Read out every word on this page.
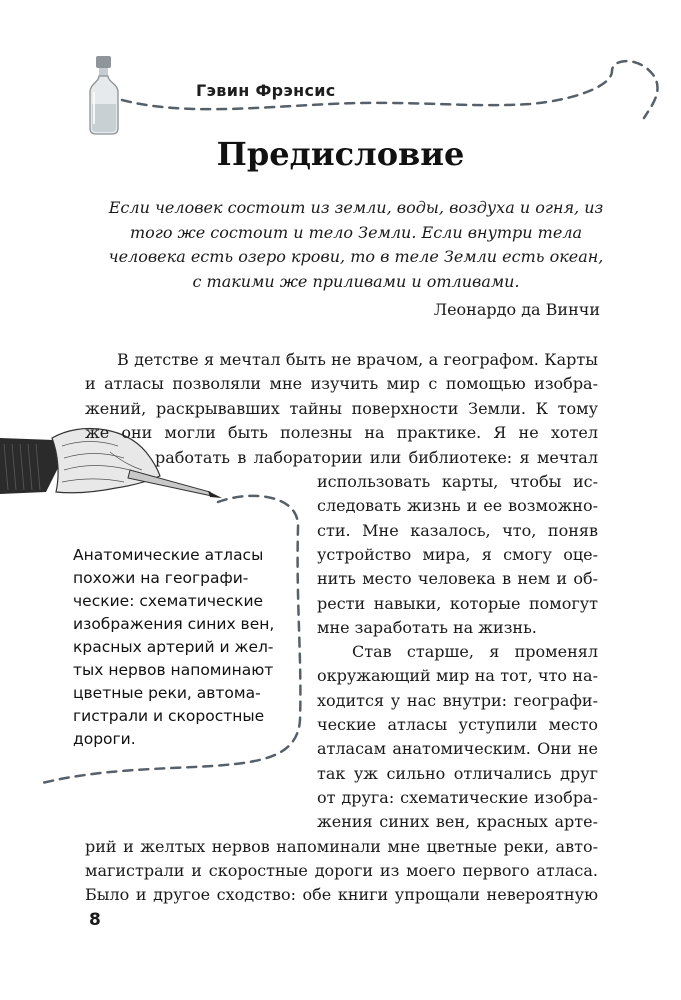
Гэвин Фрэнсис

Предисловие

Если человек состоит из земли, воды, воздуха и огня, из того же состоит и тело Земли. Если внутри тела человека есть озеро крови, то в теле Земли есть океан, с такими же приливами и отливами.

Леонардо да Винчи

В детстве я мечтал быть не врачом, а географом. Карты

и атласы позволяли мне изучить мир с помощью изобра-

жений, раскрывавших тайны поверхности Земли. К тому

же они могли быть полезны на практике. Я не хотел

работать в лаборатории или библиотеке: я мечтал

использовать карты, чтобы ис-

следовать жизнь и ее возможно-

сти. Мне казалось, что, поняв

устройство мира, я смогу оце-

нить место человека в нем и об-

рести навыки, которые помогут

мне заработать на жизнь.

Став старше, я променял

окружающий мир на тот, что на-

ходится у нас внутри: географи-

ческие атласы уступили место

атласам анатомическим. Они не

так уж сильно отличались друг

от друга: схематические изобра-

жения синих вен, красных арте-

рий и желтых нервов напоминали мне цветные реки, авто-

магистрали и скоростные дороги из моего первого атласа.

Было и другое сходство: обе книги упрощали невероятную

Анатомические атласы

похожи на географи-

ческие: схематические

изображения синих вен,

красных артерий и жел-

тых нервов напоминают

цветные реки, автома-

гистрали и скоростные

дороги.

8
